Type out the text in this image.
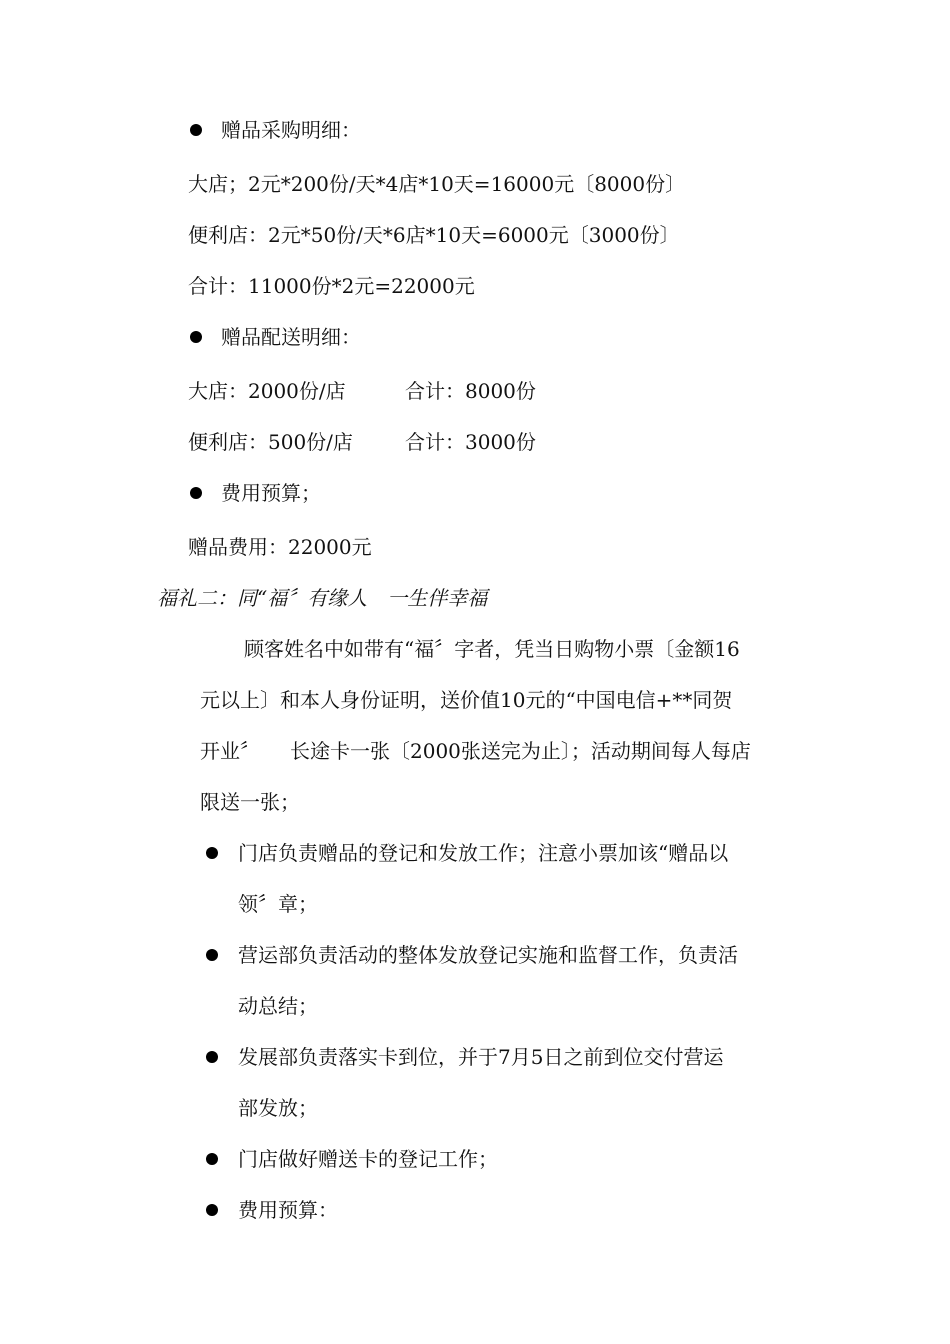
赠品采购明细：
大店；2元*200份/天*4店*10天=16000元〔8000份〕
便利店：2元*50份/天*6店*10天=6000元〔3000份〕
合计：11000份*2元=22000元
赠品配送明细：
大店：2000份/店	合计：8000份
便利店：500份/店	合计：3000份
费用预算；
赠品费用：22000元
福礼二：同“福〞有缘人　一生伴幸福
顾客姓名中如带有“福〞字者，凭当日购物小票〔金额16
元以上〕和本人身份证明，送价值10元的“中国电信+**同贺
开业〞　　长途卡一张〔2000张送完为止〕；活动期间每人每店
限送一张；
门店负责赠品的登记和发放工作；注意小票加该“赠品以
领〞章；
营运部负责活动的整体发放登记实施和监督工作，负责活
动总结；
发展部负责落实卡到位，并于7月5日之前到位交付营运
部发放；
门店做好赠送卡的登记工作；
费用预算：
